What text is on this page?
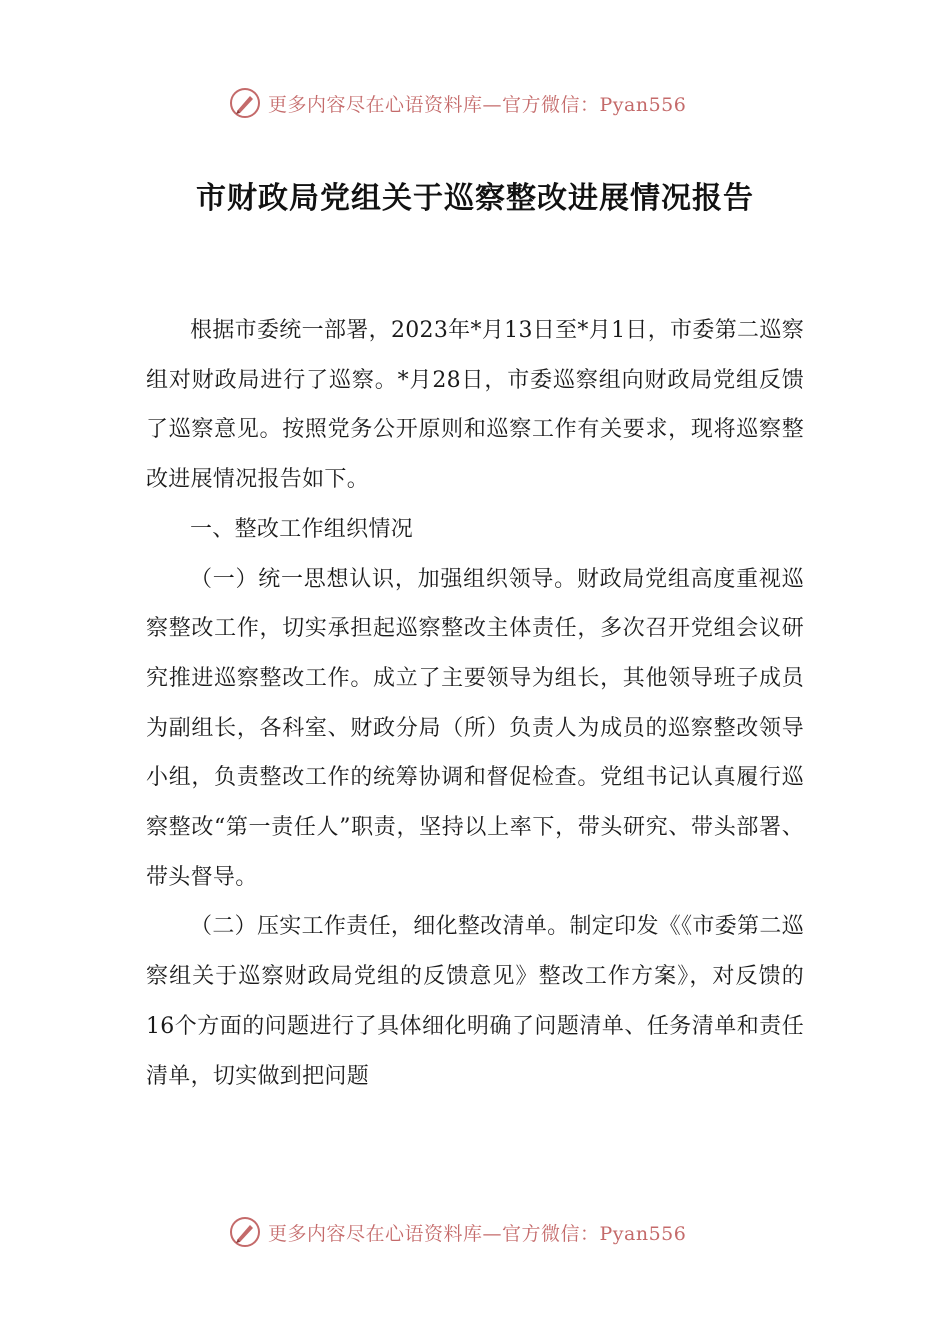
更多内容尽在心语资料库—官方微信：Pyan556
市财政局党组关于巡察整改进展情况报告

根据市委统一部署，2023年*月13日至*月1日，市委第二巡察组对财政局进行了巡察。*月28日，市委巡察组向财政局党组反馈了巡察意见。按照党务公开原则和巡察工作有关要求，现将巡察整改进展情况报告如下。

一、整改工作组织情况

（一）统一思想认识，加强组织领导。财政局党组高度重视巡察整改工作，切实承担起巡察整改主体责任，多次召开党组会议研究推进巡察整改工作。成立了主要领导为组长，其他领导班子成员为副组长，各科室、财政分局（所）负责人为成员的巡察整改领导小组，负责整改工作的统筹协调和督促检查。党组书记认真履行巡察整改“第一责任人”职责，坚持以上率下，带头研究、带头部署、带头督导。

（二）压实工作责任，细化整改清单。制定印发《《市委第二巡察组关于巡察财政局党组的反馈意见》整改工作方案》，对反馈的16个方面的问题进行了具体细化明确了问题清单、任务清单和责任清单，切实做到把问题

更多内容尽在心语资料库—官方微信：Pyan556
